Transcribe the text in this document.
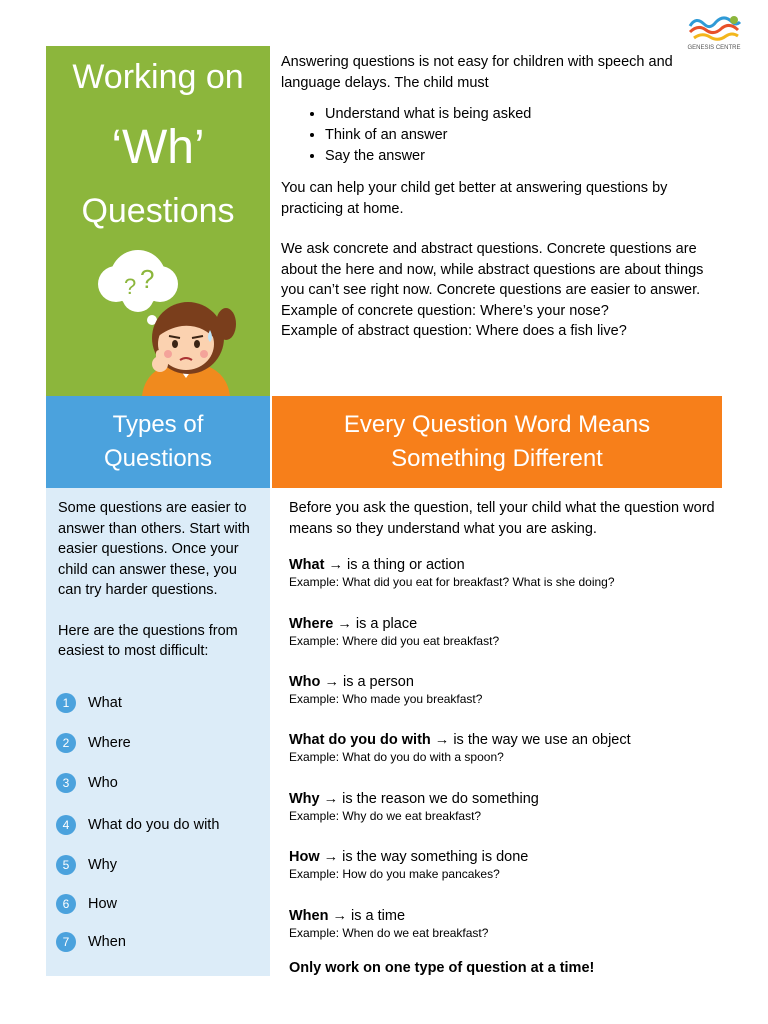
GENESIS CENTRE
Working on
‘Wh’
Questions
? ?

Answering questions is not easy for children with speech and language delays. The child must

• Understand what is being asked
• Think of an answer
• Say the answer

You can help your child get better at answering questions by practicing at home.

We ask concrete and abstract questions. Concrete questions are about the here and now, while abstract questions are about things you can’t see right now. Concrete questions are easier to answer.

Example of concrete question: Where’s your nose?

Example of abstract question: Where does a fish live?

Types of
Questions
Every Question Word Means
Something Different

Some questions are easier to answer than others. Start with easier questions. Once your child can answer these, you can try harder questions.

Here are the questions from easiest to most difficult:

1	What
2	Where
3	Who
4	What do you do with
5	Why
6	How
7	When

Before you ask the question, tell your child what the question word means so they understand what you are asking.

What → is a thing or action
Example: What did you eat for breakfast? What is she doing?
Where → is a place
Example: Where did you eat breakfast?
Who → is a person
Example: Who made you breakfast?
What do you do with → is the way we use an object
Example: What do you do with a spoon?
Why → is the reason we do something
Example: Why do we eat breakfast?
How → is the way something is done
Example: How do you make pancakes?
When → is a time
Example: When do we eat breakfast?
Only work on one type of question at a time!
